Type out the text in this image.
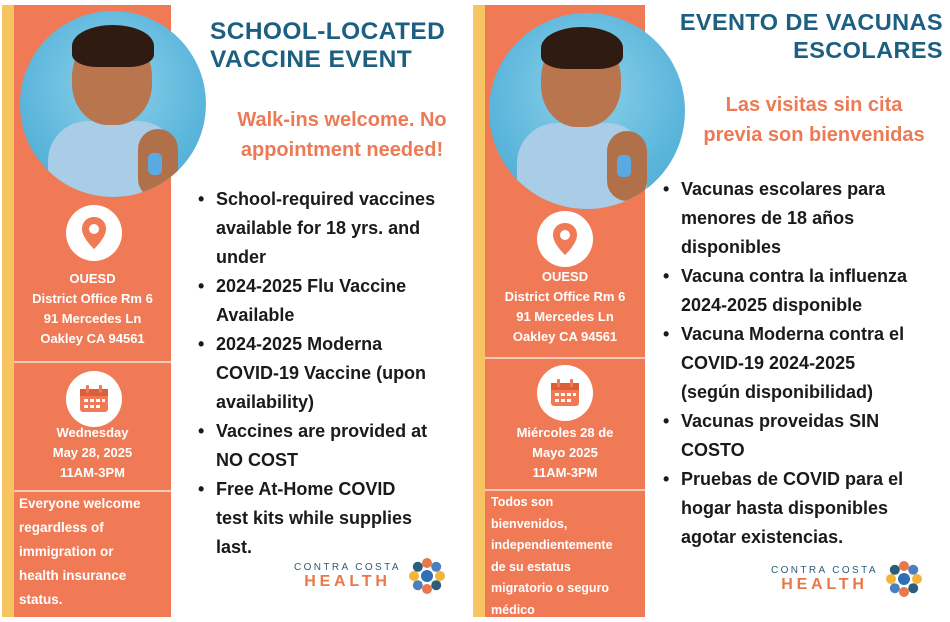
OUESD
District Office Rm 6
91 Mercedes Ln
Oakley CA 94561
Wednesday
May 28, 2025
11AM-3PM
Everyone welcome
regardless of
immigration or
health insurance
status.
SCHOOL-LOCATED
VACCINE EVENT
Walk-ins welcome. No
appointment needed!
• School-required vaccines
available for 18 yrs. and
under
• 2024-2025 Flu Vaccine
Available
• 2024-2025 Moderna
COVID-19 Vaccine (upon
availability)
• Vaccines are provided at
NO COST
• Free At-Home COVID
test kits while supplies
last.
CONTRA COSTA
HEALTH
OUESD
District Office Rm 6
91 Mercedes Ln
Oakley CA 94561
Miércoles 28 de
Mayo 2025
11AM-3PM
Todos son
bienvenidos,
independientemente
de su estatus
migratorio o seguro
médico
EVENTO DE VACUNAS
ESCOLARES
Las visitas sin cita
previa son bienvenidas
• Vacunas escolares para
menores de 18 años
disponibles
• Vacuna contra la influenza
2024-2025 disponible
• Vacuna Moderna contra el
COVID-19 2024-2025
(según disponibilidad)
• Vacunas proveidas SIN
COSTO
• Pruebas de COVID para el
hogar hasta disponibles
agotar existencias.
CONTRA COSTA
HEALTH
